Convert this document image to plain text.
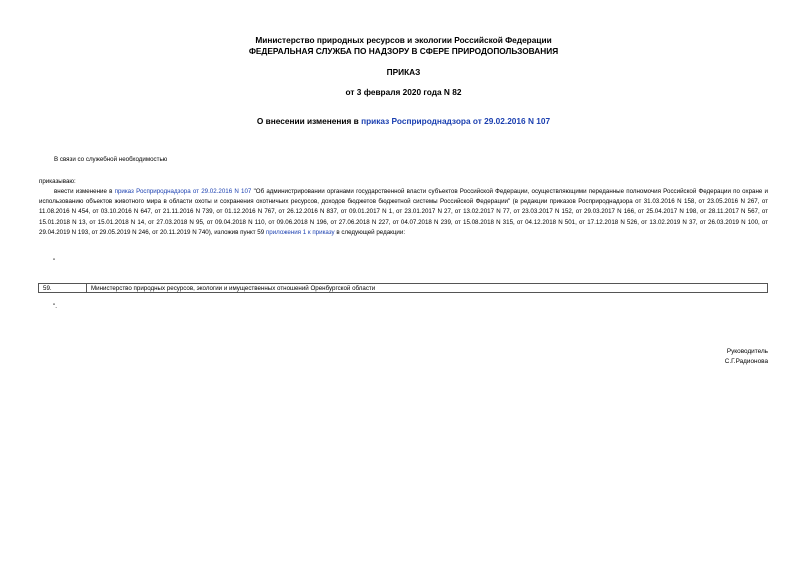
Министерство природных ресурсов и экологии Российской Федерации
ФЕДЕРАЛЬНАЯ СЛУЖБА ПО НАДЗОРУ В СФЕРЕ ПРИРОДОПОЛЬЗОВАНИЯ
ПРИКАЗ
от 3 февраля 2020 года N 82
О внесении изменения в приказ Росприроднадзора от 29.02.2016 N 107
В связи со служебной необходимостью
приказываю:
внести изменение в приказ Росприроднадзора от 29.02.2016 N 107 "Об администрировании органами государственной власти субъектов Российской Федерации, осуществляющими переданные полномочия Российской Федерации по охране и использованию объектов животного мира в области охоты и сохранения охотничьих ресурсов, доходов бюджетов бюджетной системы Российской Федерации" (в редакции приказов Росприроднадзора от 31.03.2016 N 158, от 23.05.2016 N 267, от 11.08.2016 N 454, от 03.10.2016 N 647, от 21.11.2016 N 739, от 01.12.2016 N 767, от 26.12.2016 N 837, от 09.01.2017 N 1, от 23.01.2017 N 27, от 13.02.2017 N 77, от 23.03.2017 N 152, от 29.03.2017 N 166, от 25.04.2017 N 198, от 28.11.2017 N 567, от 15.01.2018 N 13, от 15.01.2018 N 14, от 27.03.2018 N 95, от 09.04.2018 N 110, от 09.06.2018 N 196, от 27.06.2018 N 227, от 04.07.2018 N 239, от 15.08.2018 N 315, от 04.12.2018 N 501, от 17.12.2018 N 526, от 13.02.2019 N 37, от 26.03.2019 N 100, от 29.04.2019 N 193, от 29.05.2019 N 246, от 20.11.2019 N 740), изложив пункт 59 приложения 1 к приказу в следующей редакции:
"
59.	Министерство природных ресурсов, экологии и имущественных отношений Оренбургской области
".
Руководитель
С.Г.Радионова
